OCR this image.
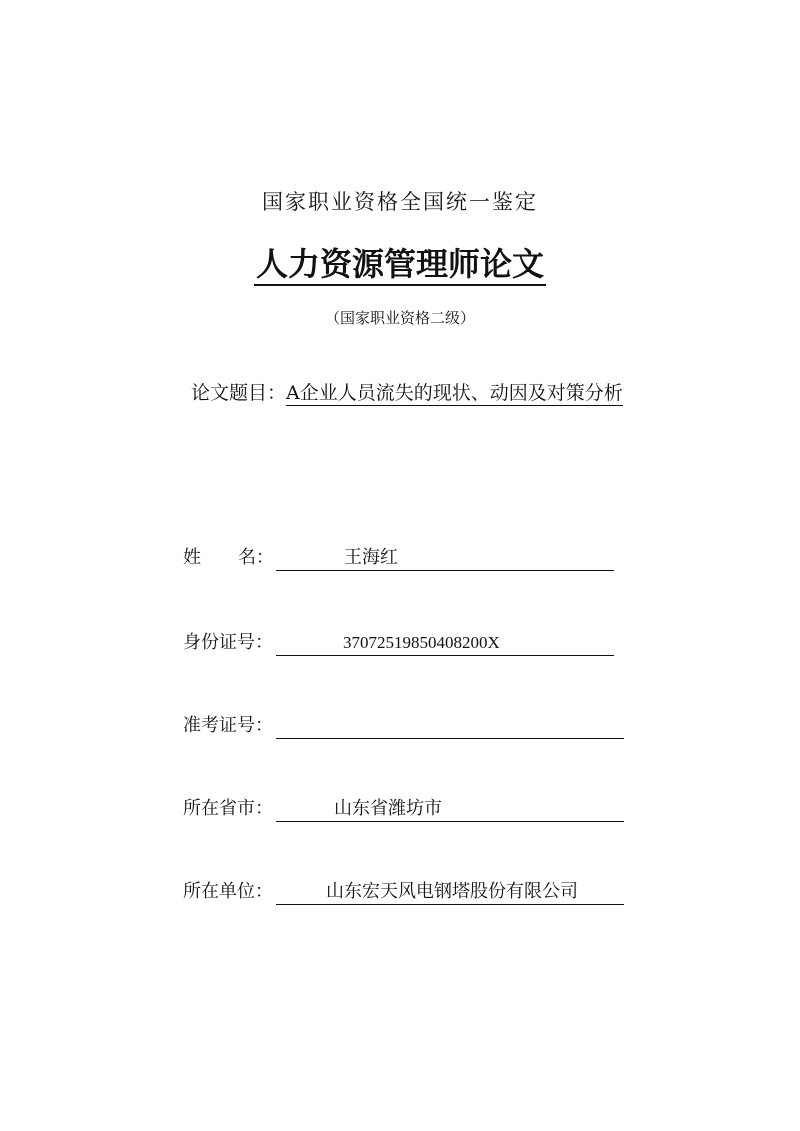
国家职业资格全国统一鉴定
人力资源管理师论文
（国家职业资格二级）
论文题目：A企业人员流失的现状、动因及对策分析
姓 名：	王海红
身份证号：	37072519850408200X
准考证号：
所在省市：	山东省潍坊市
所在单位：	山东宏天风电钢塔股份有限公司
